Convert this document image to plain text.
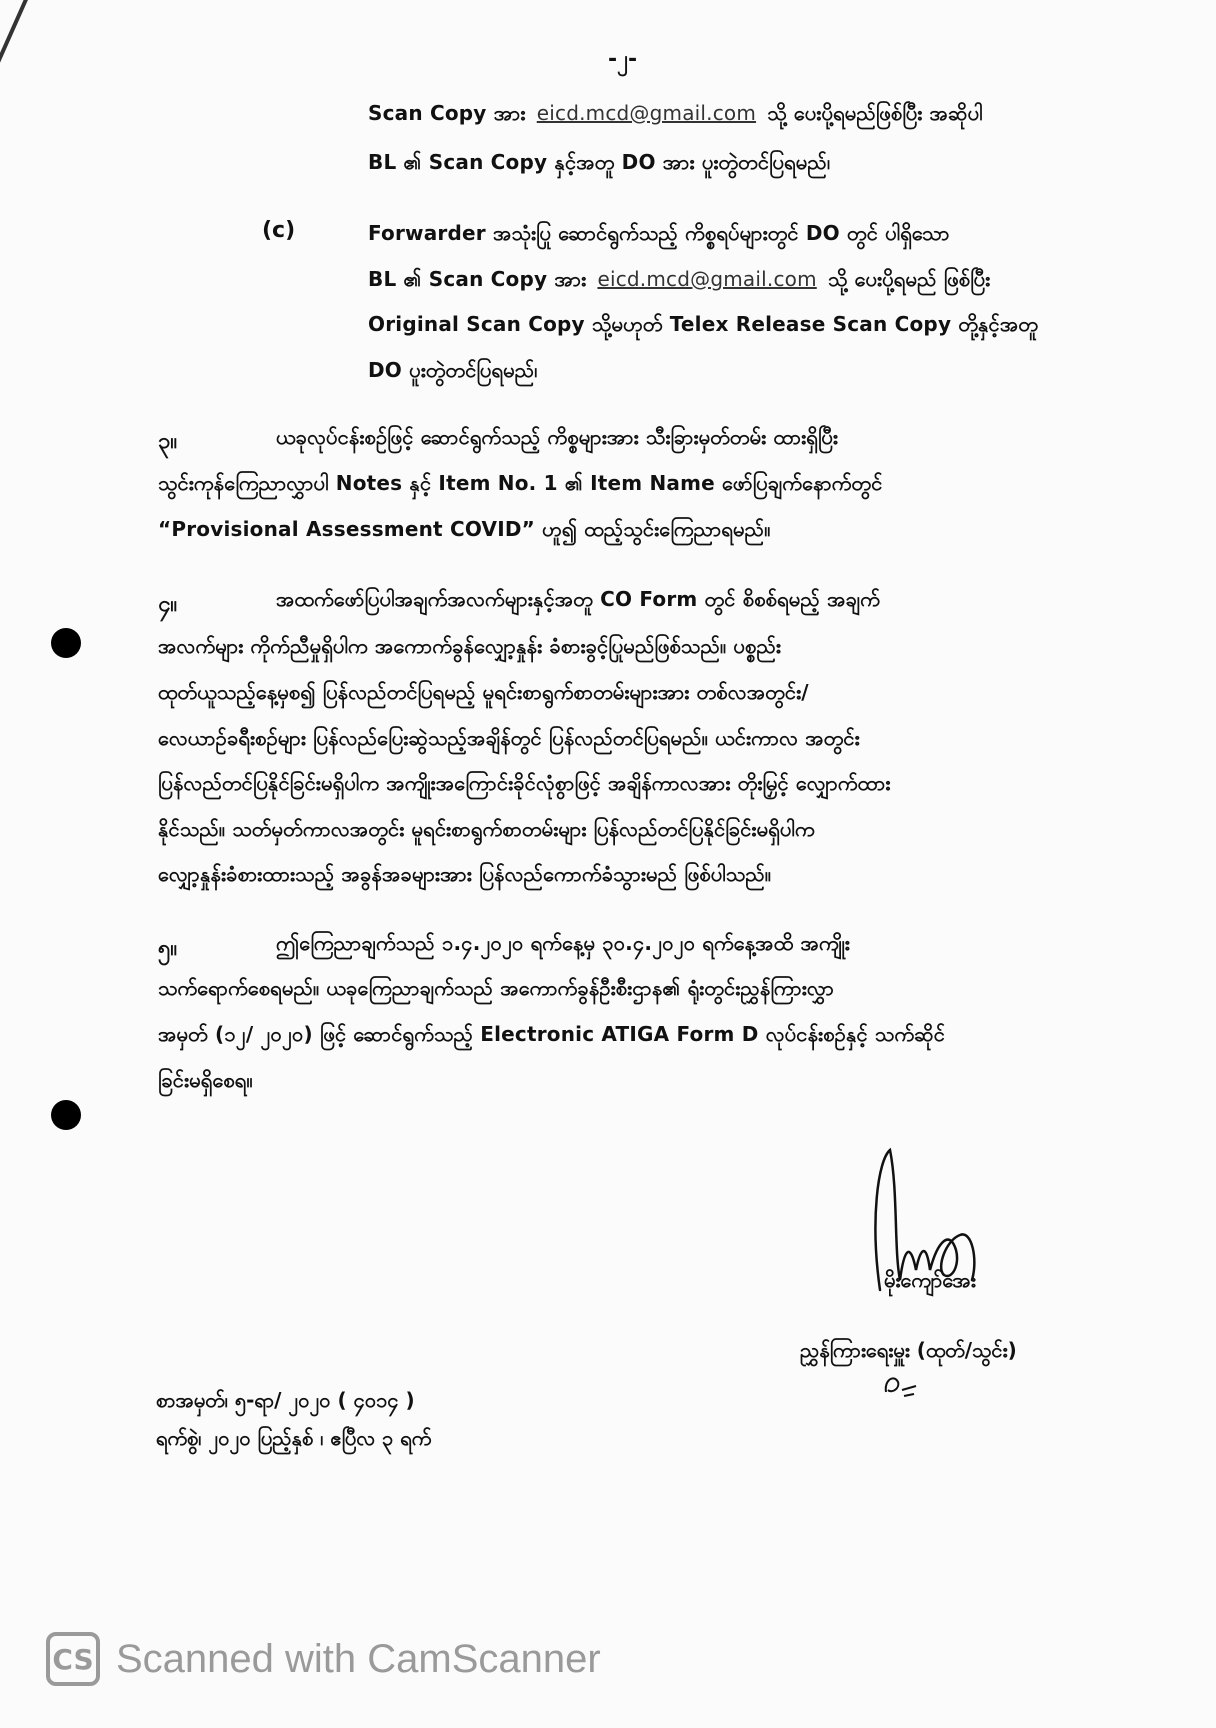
-၂-
Scan Copy အား eicd.mcd@gmail.com သို့ ပေးပို့ရမည်ဖြစ်ပြီး အဆိုပါ
BL ၏ Scan Copy နှင့်အတူ DO အား ပူးတွဲတင်ပြရမည်၊
(c)	Forwarder အသုံးပြု ဆောင်ရွက်သည့် ကိစ္စရပ်များတွင် DO တွင် ပါရှိသော
BL ၏ Scan Copy အား eicd.mcd@gmail.com သို့ ပေးပို့ရမည် ဖြစ်ပြီး
Original Scan Copy သို့မဟုတ် Telex Release Scan Copy တို့နှင့်အတူ
DO ပူးတွဲတင်ပြရမည်၊
၃။	ယခုလုပ်ငန်းစဉ်ဖြင့် ဆောင်ရွက်သည့် ကိစ္စများအား သီးခြားမှတ်တမ်း ထားရှိပြီး
သွင်းကုန်ကြေညာလွှာပါ Notes နှင့် Item No. 1 ၏ Item Name ဖော်ပြချက်နောက်တွင်
“Provisional Assessment COVID” ဟူ၍ ထည့်သွင်းကြေညာရမည်။
၄။	အထက်ဖော်ပြပါအချက်အလက်များနှင့်အတူ CO Form တွင် စိစစ်ရမည့် အချက်
အလက်များ ကိုက်ညီမှုရှိပါက အကောက်ခွန်လျှော့နှုန်း ခံစားခွင့်ပြုမည်ဖြစ်သည်။ ပစ္စည်း
ထုတ်ယူသည့်နေ့မှစ၍ ပြန်လည်တင်ပြရမည့် မူရင်းစာရွက်စာတမ်းများအား တစ်လအတွင်း/
လေယာဉ်ခရီးစဉ်များ ပြန်လည်ပြေးဆွဲသည့်အချိန်တွင် ပြန်လည်တင်ပြရမည်။ ယင်းကာလ အတွင်း
ပြန်လည်တင်ပြနိုင်ခြင်းမရှိပါက အကျိုးအကြောင်းခိုင်လုံစွာဖြင့် အချိန်ကာလအား တိုးမြှင့် လျှောက်ထား
နိုင်သည်။ သတ်မှတ်ကာလအတွင်း မူရင်းစာရွက်စာတမ်းများ ပြန်လည်တင်ပြနိုင်ခြင်းမရှိပါက
လျှော့နှုန်းခံစားထားသည့် အခွန်အခများအား ပြန်လည်ကောက်ခံသွားမည် ဖြစ်ပါသည်။
၅။	ဤကြေညာချက်သည် ၁.၄.၂၀၂၀ ရက်နေ့မှ ၃၀.၄.၂၀၂၀ ရက်နေ့အထိ အကျိုး
သက်ရောက်စေရမည်။ ယခုကြေညာချက်သည် အကောက်ခွန်ဦးစီးဌာန၏ ရုံးတွင်းညွှန်ကြားလွှာ
အမှတ် (၁၂/ ၂၀၂၀) ဖြင့် ဆောင်ရွက်သည့် Electronic ATIGA Form D လုပ်ငန်းစဉ်နှင့် သက်ဆိုင်
ခြင်းမရှိစေရ။
မိုးကျော်အေး
ညွှန်ကြားရေးမှူး (ထုတ်/သွင်း)
စာအမှတ်၊ ၅-ရာ/ ၂၀၂၀ ( ၄၀၁၄ )
ရက်စွဲ၊ ၂၀၂၀ ပြည့်နှစ် ၊ ဧပြီလ ၃ ရက်
CS Scanned with CamScanner
